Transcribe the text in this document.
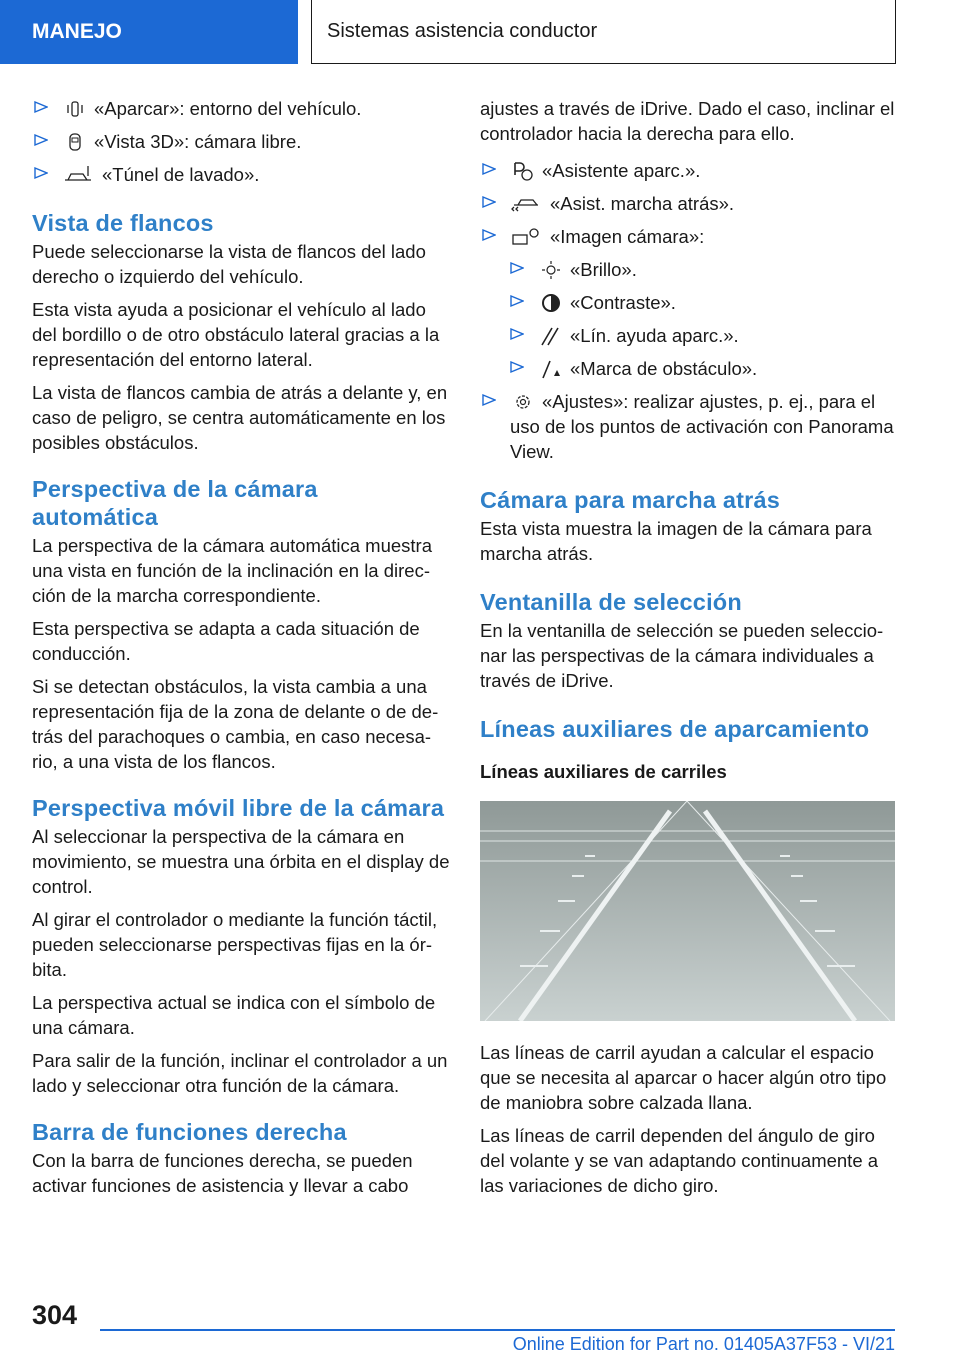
MANEJO	Sistemas asistencia conductor
«Aparcar»: entorno del vehículo.
«Vista 3D»: cámara libre.
«Túnel de lavado».
Vista de flancos

Puede seleccionarse la vista de flancos del lado derecho o izquierdo del vehículo.

Esta vista ayuda a posicionar el vehículo al lado del bordillo o de otro obstáculo lateral gracias a la representación del entorno lateral.

La vista de flancos cambia de atrás a delante y, en caso de peligro, se centra automáticamente en los posibles obstáculos.

Perspectiva de la cámara
automática

La perspectiva de la cámara automática muestra una vista en función de la inclinación en la dirección de la marcha correspondiente.

Esta perspectiva se adapta a cada situación de conducción.

Si se detectan obstáculos, la vista cambia a una representación fija de la zona de delante o de detrás del parachoques o cambia, en caso necesario, a una vista de los flancos.

Perspectiva móvil libre de la cámara

Al seleccionar la perspectiva de la cámara en movimiento, se muestra una órbita en el display de control.

Al girar el controlador o mediante la función táctil, pueden seleccionarse perspectivas fijas en la órbita.

La perspectiva actual se indica con el símbolo de una cámara.

Para salir de la función, inclinar el controlador a un lado y seleccionar otra función de la cámara.

Barra de funciones derecha

Con la barra de funciones derecha, se pueden activar funciones de asistencia y llevar a cabo

ajustes a través de iDrive. Dado el caso, inclinar el controlador hacia la derecha para ello.

«Asistente aparc.».
«Asist. marcha atrás».
«Imagen cámara»:
«Brillo».
«Contraste».
«Lín. ayuda aparc.».
«Marca de obstáculo».
«Ajustes»: realizar ajustes, p. ej., para el uso de los puntos de activación con Panorama View.
Cámara para marcha atrás

Esta vista muestra la imagen de la cámara para marcha atrás.

Ventanilla de selección

En la ventanilla de selección se pueden seleccionar las perspectivas de la cámara individuales a través de iDrive.

Líneas auxiliares de aparcamiento
Líneas auxiliares de carriles

Las líneas de carril ayudan a calcular el espacio que se necesita al aparcar o hacer algún otro tipo de maniobra sobre calzada llana.

Las líneas de carril dependen del ángulo de giro del volante y se van adaptando continuamente a las variaciones de dicho giro.

304
Online Edition for Part no. 01405A37F53 - VI/21
